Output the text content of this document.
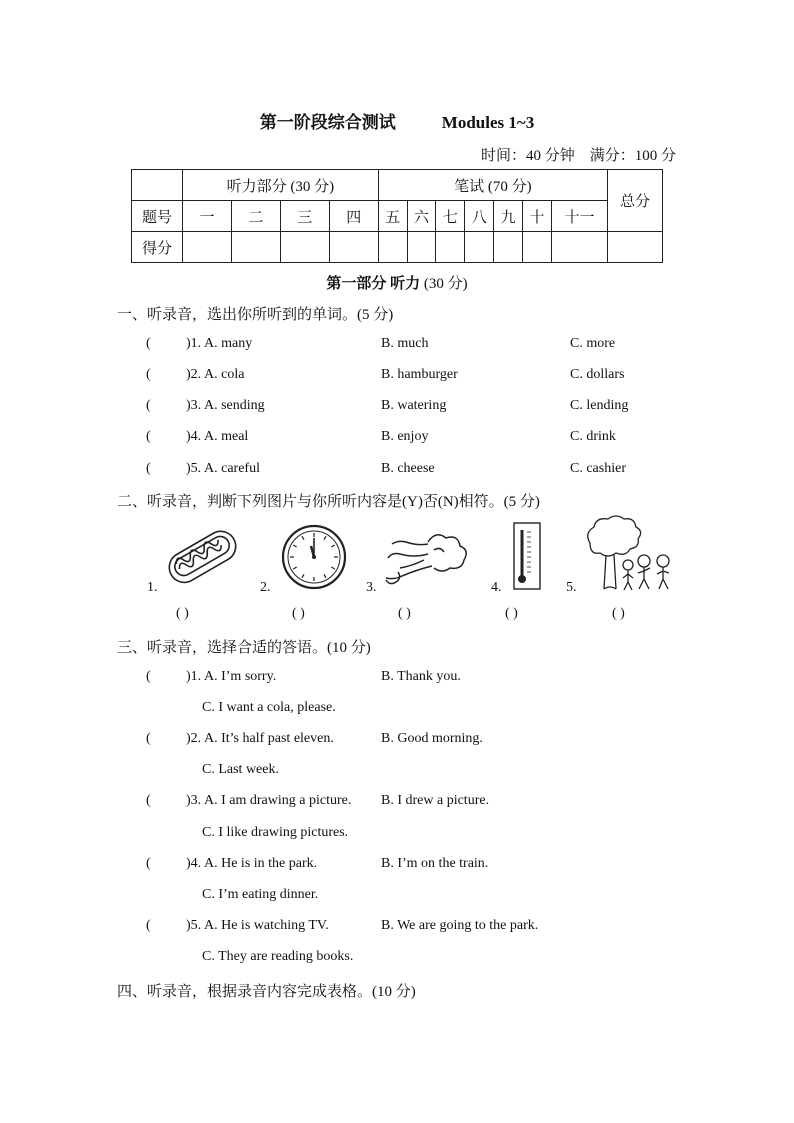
第一阶段综合测试	Modules 1~3
时间：40 分钟 满分：100 分
	听力部分 (30 分)				笔试 (70 分)							总分
题号	一	二	三	四	五	六	七	八	九	十	十一	
得分												
第一部分 听力 (30 分)
一、听录音，选出你所听到的单词。(5 分)
(	)1. A. many	B. much	C. more
(	)2. A. cola	B. hamburger	C. dollars
(	)3. A. sending	B. watering	C. lending
(	)4. A. meal	B. enjoy	C. drink
(	)5. A. careful	B. cheese	C. cashier
二、听录音，判断下列图片与你所听内容是(Y)否(N)相符。(5 分)
1.
( )
2.
( )
3.
( )
4.
( )
5.
( )
三、听录音，选择合适的答语。(10 分)
(	)1. A. I’m sorry.	B. Thank you.
C. I want a cola, please.
(	)2. A. It’s half past eleven.	B. Good morning.
C. Last week.
(	)3. A. I am drawing a picture. B. I drew a picture.
C. I like drawing pictures.
(	)4. A. He is in the park.	B. I’m on the train.
C. I’m eating dinner.
(	)5. A. He is watching TV.	B. We are going to the park.
C. They are reading books.
四、听录音，根据录音内容完成表格。(10 分)
